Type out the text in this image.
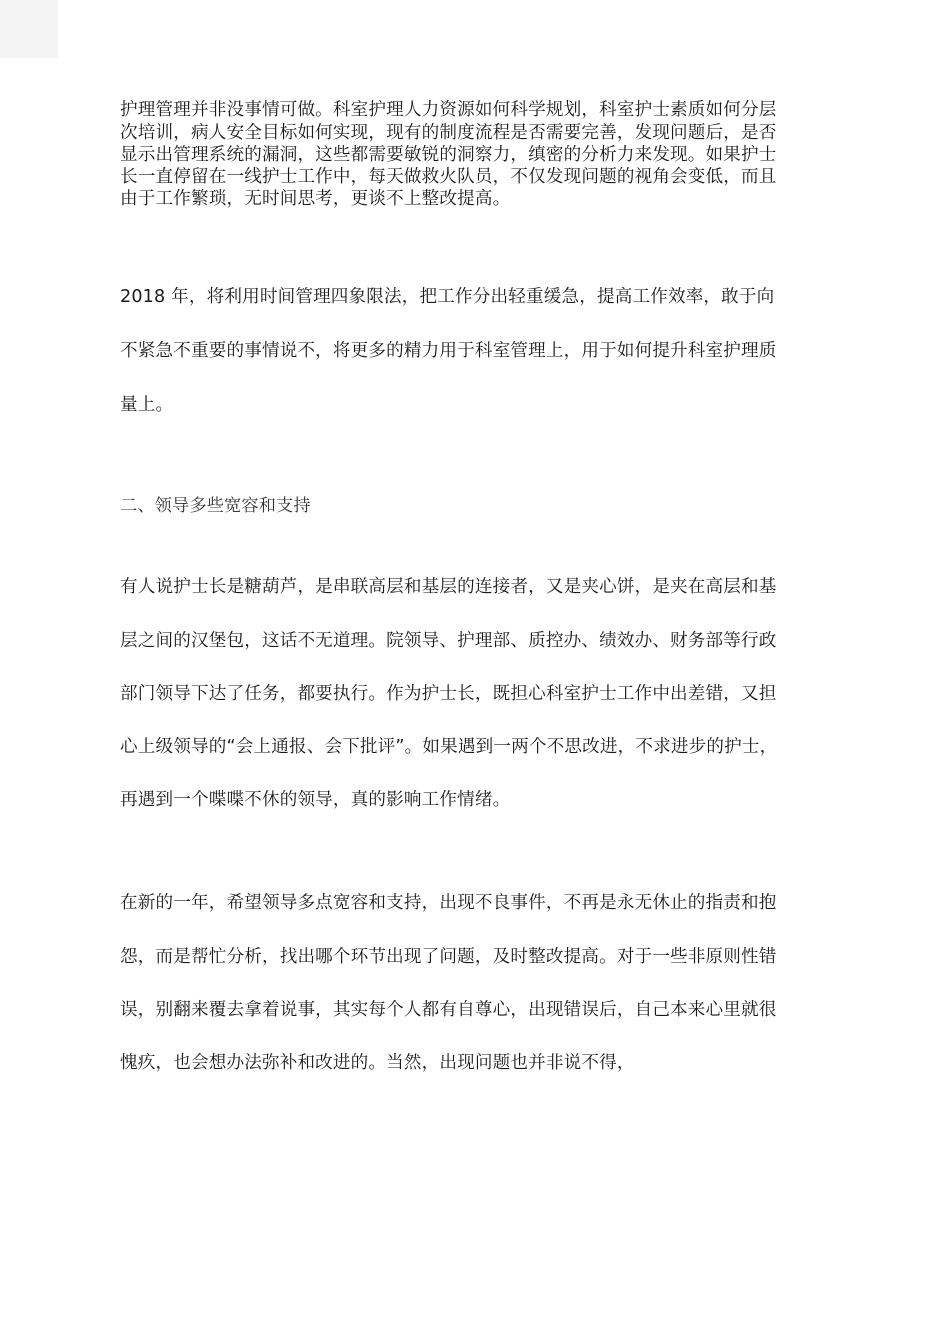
护理管理并非没事情可做。科室护理人力资源如何科学规划，科室护士素质如何分层
次培训，病人安全目标如何实现，现有的制度流程是否需要完善，发现问题后，是否
显示出管理系统的漏洞，这些都需要敏锐的洞察力，缜密的分析力来发现。如果护士
长一直停留在一线护士工作中，每天做救火队员，不仅发现问题的视角会变低，而且
由于工作繁琐，无时间思考，更谈不上整改提高。
2018 年，将利用时间管理四象限法，把工作分出轻重缓急，提高工作效率，敢于向
不紧急不重要的事情说不，将更多的精力用于科室管理上，用于如何提升科室护理质
量上。
二、领导多些宽容和支持
有人说护士长是糖葫芦，是串联高层和基层的连接者，又是夹心饼，是夹在高层和基
层之间的汉堡包，这话不无道理。院领导、护理部、质控办、绩效办、财务部等行政
部门领导下达了任务，都要执行。作为护士长，既担心科室护士工作中出差错，又担
心上级领导的“会上通报、会下批评”。如果遇到一两个不思改进，不求进步的护士，
再遇到一个喋喋不休的领导，真的影响工作情绪。
在新的一年，希望领导多点宽容和支持，出现不良事件，不再是永无休止的指责和抱
怨，而是帮忙分析，找出哪个环节出现了问题，及时整改提高。对于一些非原则性错
误，别翻来覆去拿着说事，其实每个人都有自尊心，出现错误后，自己本来心里就很
愧疚，也会想办法弥补和改进的。当然，出现问题也并非说不得，
